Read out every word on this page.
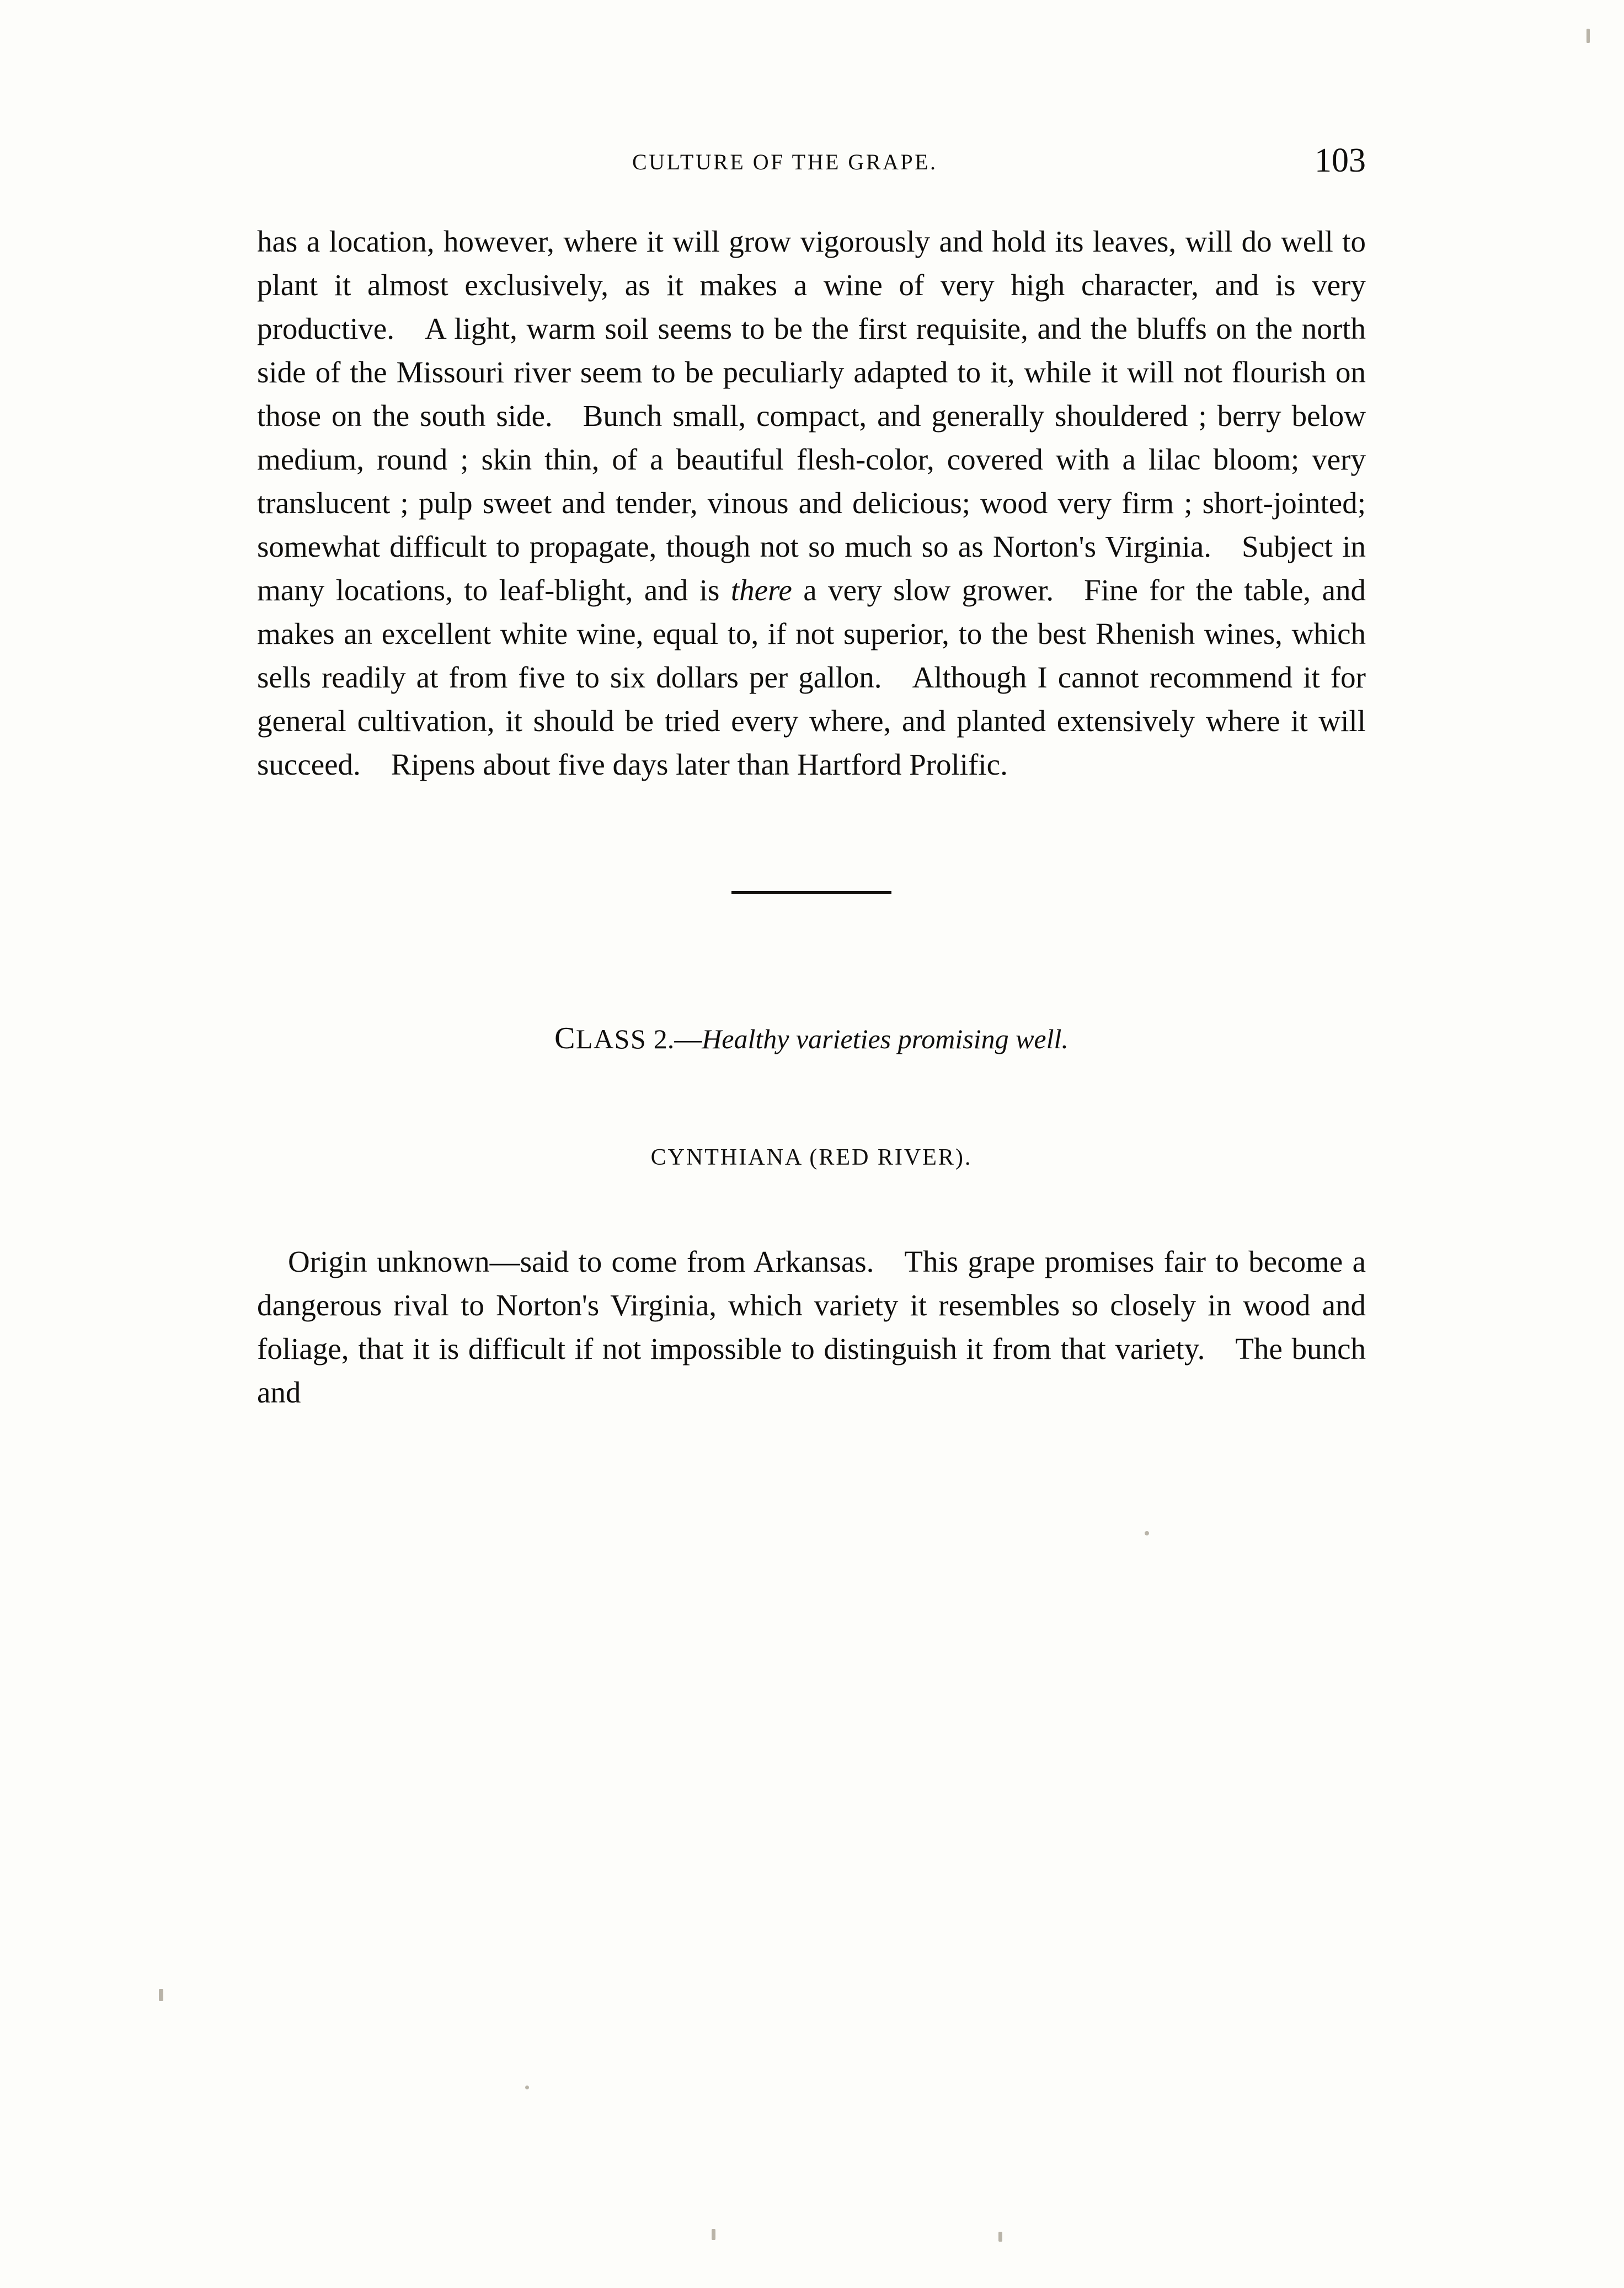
CULTURE OF THE GRAPE.	103

has a location, however, where it will grow vigorously and hold its leaves, will do well to plant it almost exclusively, as it makes a wine of very high character, and is very productive. A light, warm soil seems to be the first requisite, and the bluffs on the north side of the Missouri river seem to be peculiarly adapted to it, while it will not flourish on those on the south side. Bunch small, compact, and generally shouldered ; berry below medium, round ; skin thin, of a beautiful flesh-color, covered with a lilac bloom; very translucent ; pulp sweet and tender, vinous and delicious; wood very firm ; short-jointed; somewhat difficult to propagate, though not so much so as Norton's Virginia. Subject in many locations, to leaf-blight, and is there a very slow grower. Fine for the table, and makes an excellent white wine, equal to, if not superior, to the best Rhenish wines, which sells readily at from five to six dollars per gallon. Although I cannot recommend it for general cultivation, it should be tried every where, and planted extensively where it will succeed. Ripens about five days later than Hartford Prolific.

CLASS 2.—Healthy varieties promising well.
CYNTHIANA (RED RIVER).

Origin unknown—said to come from Arkansas. This grape promises fair to become a dangerous rival to Norton's Virginia, which variety it resembles so closely in wood and foliage, that it is difficult if not impossible to distinguish it from that variety. The bunch and
